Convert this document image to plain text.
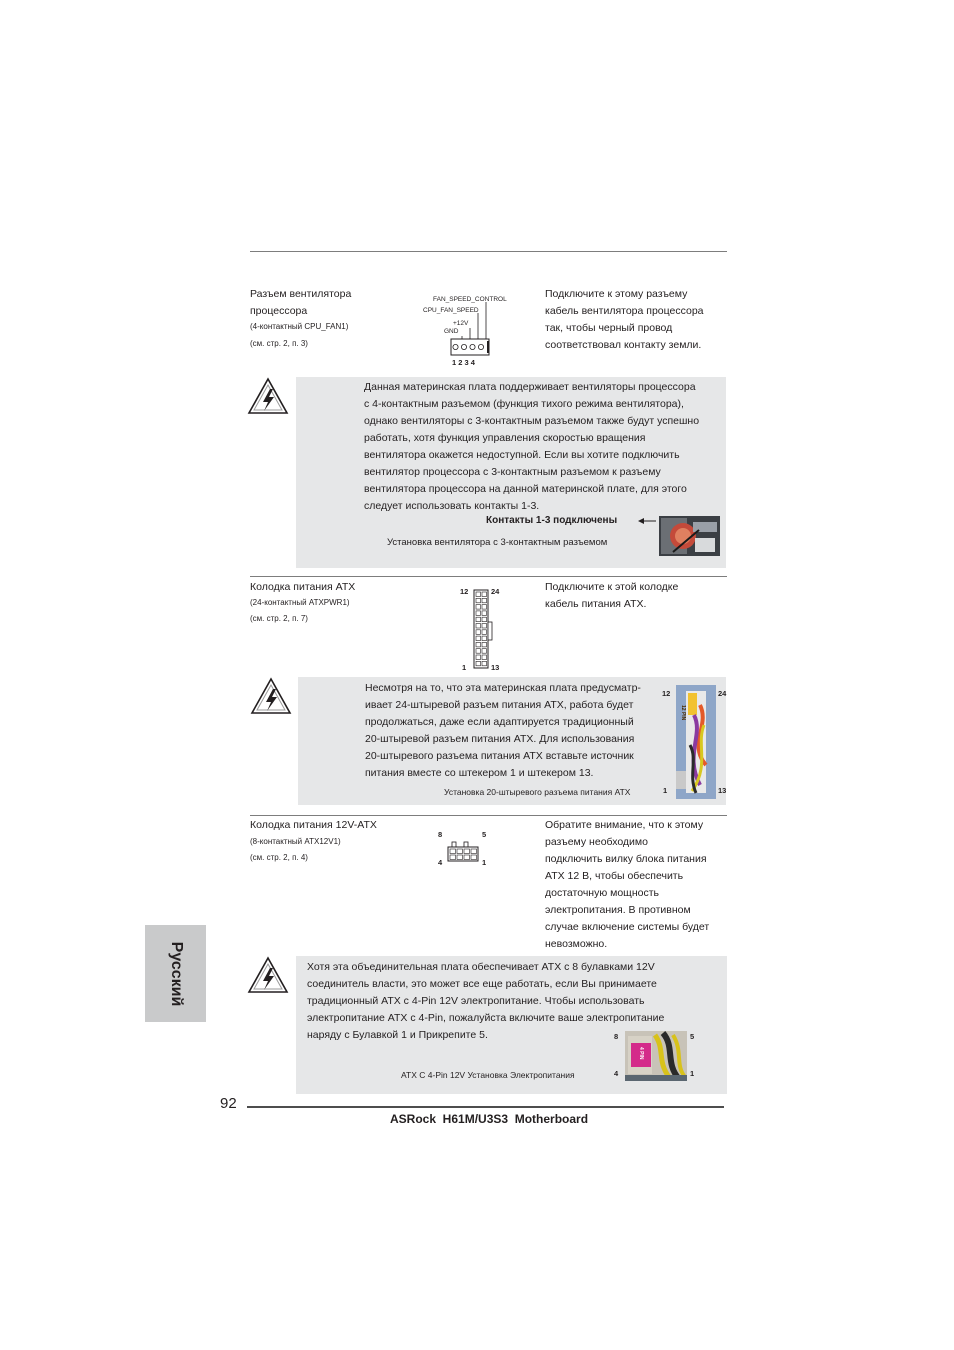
Разъем вентилятора
процессора
(4-контактный CPU_FAN1)
(см. стр. 2, п. 3)
FAN_SPEED_CONTROL
CPU_FAN_SPEED
+12V
GND
1 2 3 4
Подключите к этому разъему
кабель вентилятора процессора
так, чтобы черный провод
соответствовал контакту земли.
Данная материнская плата поддерживает вентиляторы процессора
с 4-контактным разъемом (функция тихого режима вентилятора),
однако вентиляторы с 3-контактным разъемом также будут успешно
работать, хотя функция управления скоростью вращения
вентилятора окажется недоступной. Если вы хотите подключить
вентилятор процессора с 3-контактным разъемом к разъему
вентилятора процессора на данной материнской плате, для этого
следует использовать контакты 1-3.
Контакты 1-3 подключены
Установка вентилятора с 3-контактным разъемом
Колодка питания ATX
(24-контактный ATXPWR1)
(см. стр. 2, п. 7)
12	24
1	13
Подключите к этой колодке
кабель питания ATX.
Несмотря на то, что эта материнская плата предусматр-
ивает 24-штыревой разъем питания ATX, работа будет
продолжаться, даже если адаптируется традиционный
20-штыревой разъем питания ATX. Для использования
20-штыревого разъема питания ATX вставьте источник
питания вместе со штекером 1 и штекером 13.
Установка 20-штыревого разъема питания ATX
12	24
1	13
12 PIN
Колодка питания 12V-ATX
(8-контактный ATX12V1)
(см. стр. 2, п. 4)
8	5
4	1
Обратите внимание, что к этому
разъему необходимо
подключить вилку блока питания
ATX 12 В, чтобы обеспечить
достаточную мощность
электропитания. В противном
случае включение системы будет
невозможно.
Русский	Хотя эта объединительная плата обеспечивает ATX с 8 булавками 12V
соединитель власти, это может все еще работать, если Вы принимаете
традиционный ATX с 4-Pin 12V электропитание. Чтобы использовать
электропитание ATX с 4-Pin, пожалуйста включите ваше электропитание
наряду с Булавкой 1 и Прикрепите 5.
ATX С 4-Pin 12V Установка Электропитания
8	5
4	1
4 PIN
92
ASRock  H61M/U3S3  Motherboard
